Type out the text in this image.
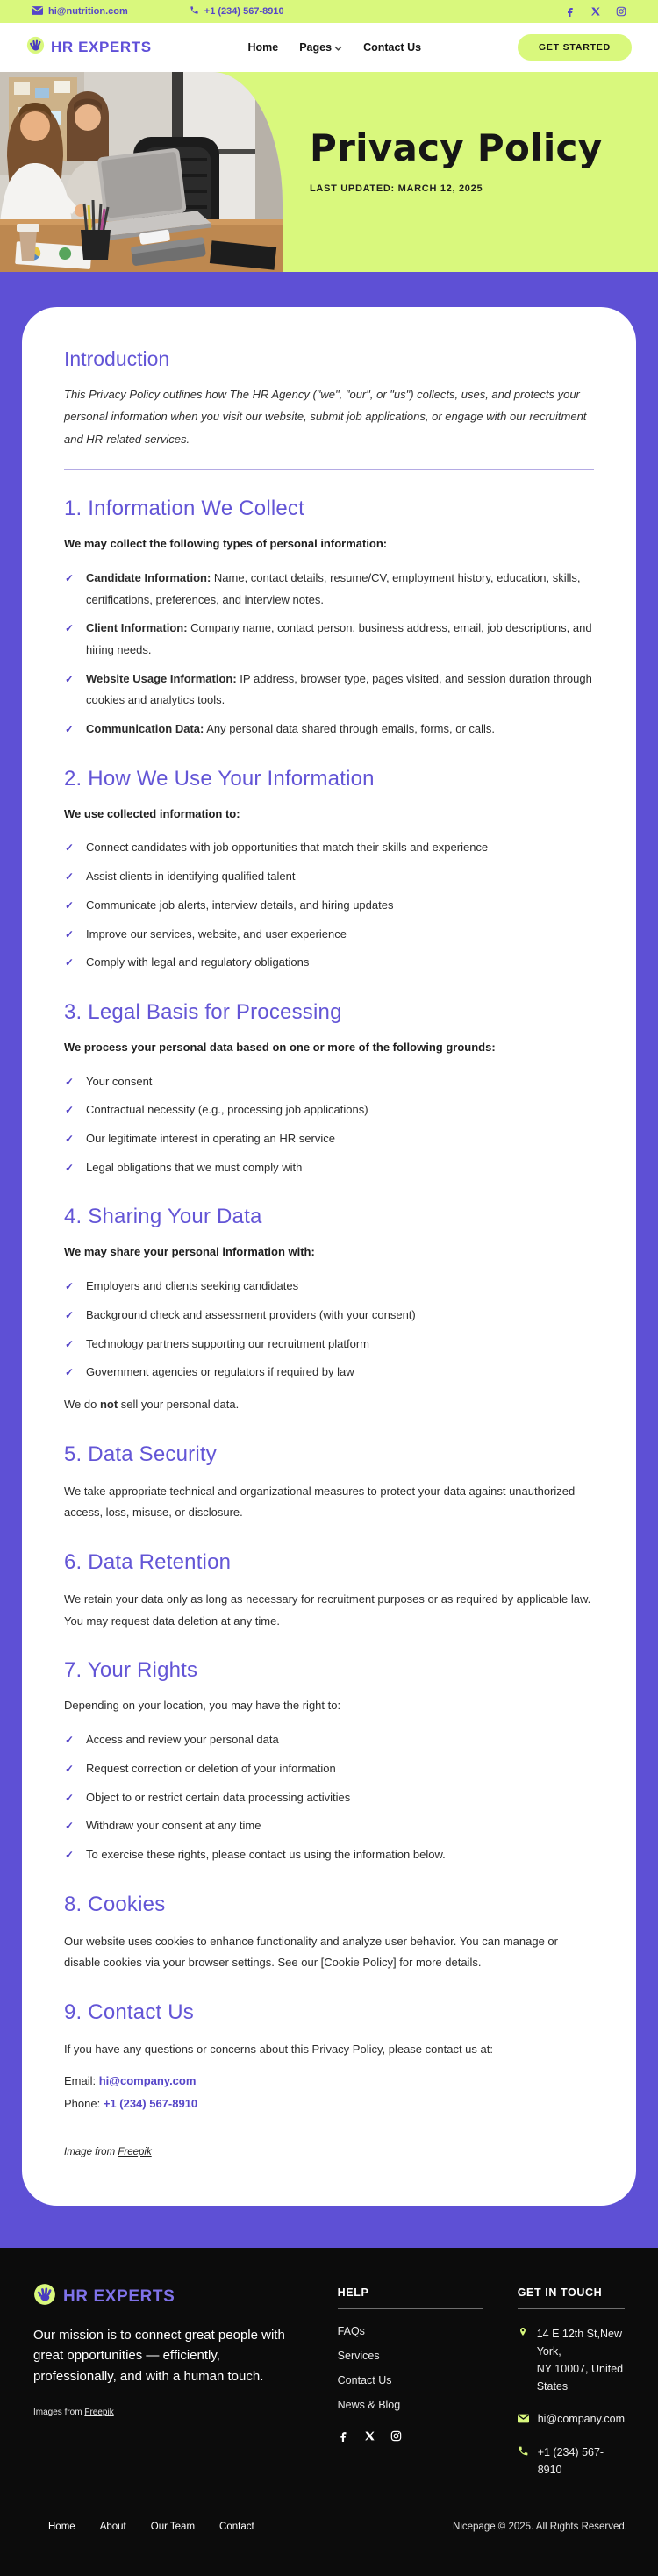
hi@nutrition.com	+1 (234) 567-8910
HR EXPERTS	Home Pages	Contact Us	GET STARTED
Privacy Policy
LAST UPDATED: MARCH 12, 2025
Introduction

This Privacy Policy outlines how The HR Agency ("we", "our", or "us") collects, uses, and protects your personal information when you visit our website, submit job applications, or engage with our recruitment and HR-related services.

1. Information We Collect

We may collect the following types of personal information:

✓ Candidate Information: Name, contact details, resume/CV, employment history, education, skills, certifications, preferences, and interview notes.
✓ Client Information: Company name, contact person, business address, email, job descriptions, and hiring needs.
✓ Website Usage Information: IP address, browser type, pages visited, and session duration through cookies and analytics tools.
✓ Communication Data: Any personal data shared through emails, forms, or calls.
2. How We Use Your Information

We use collected information to:

✓ Connect candidates with job opportunities that match their skills and experience
✓ Assist clients in identifying qualified talent
✓ Communicate job alerts, interview details, and hiring updates
✓ Improve our services, website, and user experience
✓ Comply with legal and regulatory obligations
3. Legal Basis for Processing

We process your personal data based on one or more of the following grounds:

✓ Your consent
✓ Contractual necessity (e.g., processing job applications)
✓ Our legitimate interest in operating an HR service
✓ Legal obligations that we must comply with
4. Sharing Your Data

We may share your personal information with:

✓ Employers and clients seeking candidates
✓ Background check and assessment providers (with your consent)
✓ Technology partners supporting our recruitment platform
✓ Government agencies or regulators if required by law

We do not sell your personal data.

5. Data Security

We take appropriate technical and organizational measures to protect your data against unauthorized access, loss, misuse, or disclosure.

6. Data Retention

We retain your data only as long as necessary for recruitment purposes or as required by applicable law. You may request data deletion at any time.

7. Your Rights

Depending on your location, you may have the right to:

✓ Access and review your personal data
✓ Request correction or deletion of your information
✓ Object to or restrict certain data processing activities
✓ Withdraw your consent at any time
✓ To exercise these rights, please contact us using the information below.
8. Cookies

Our website uses cookies to enhance functionality and analyze user behavior. You can manage or disable cookies via your browser settings. See our [Cookie Policy] for more details.

9. Contact Us

If you have any questions or concerns about this Privacy Policy, please contact us at:

Email: hi@company.com
Phone: +1 (234) 567-8910

Image from Freepik

HR EXPERTS

Our mission is to connect great people with great opportunities — efficiently, professionally, and with a human touch.

Images from Freepik

HELP
FAQs
Services
Contact Us
News & Blog
GET IN TOUCH
14 E 12th St,New York,
NY 10007, United States
hi@company.com
+1 (234) 567-8910
Home About Our Team Contact	Nicepage © 2025. All Rights Reserved.
